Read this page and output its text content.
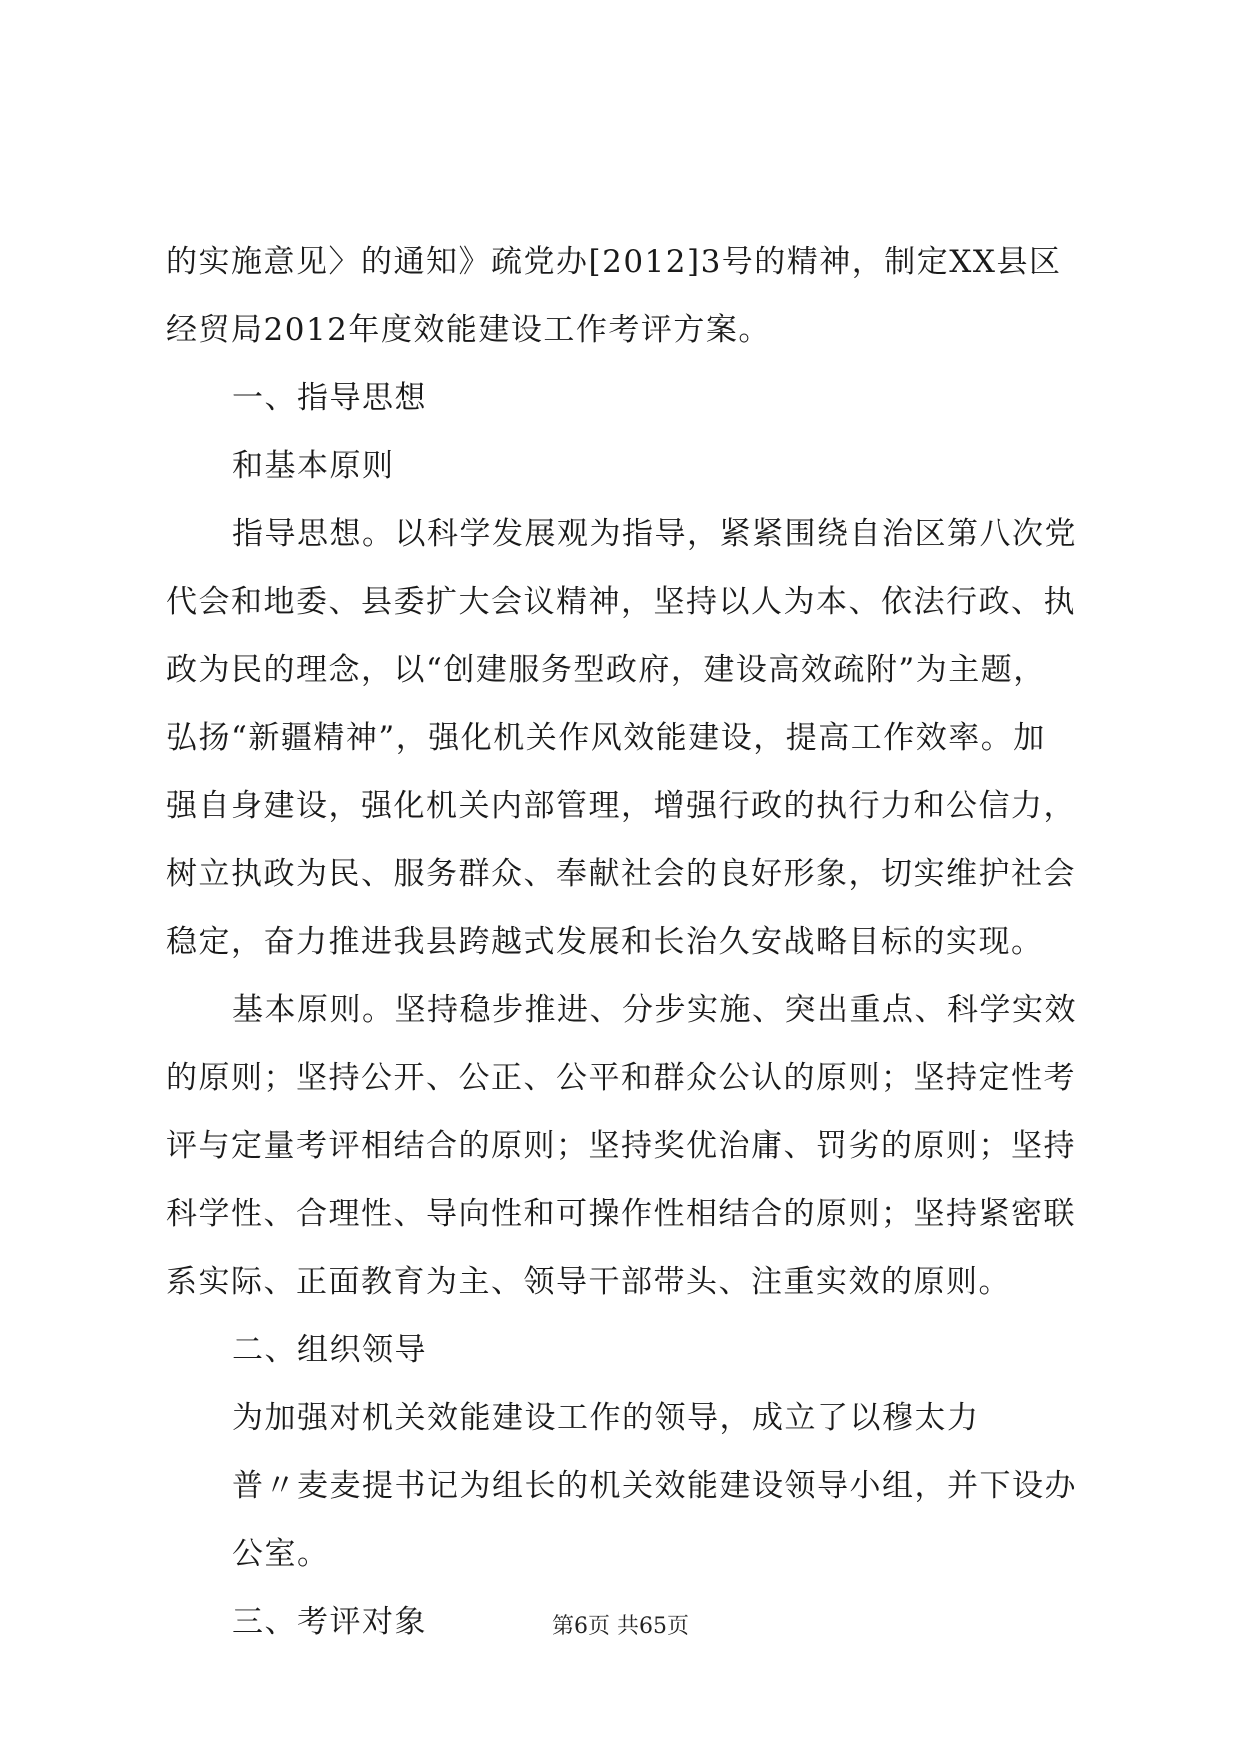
的实施意见〉的通知》疏党办[2012]3号的精神，制定XX县区
经贸局2012年度效能建设工作考评方案。
一、指导思想
和基本原则
指导思想。以科学发展观为指导，紧紧围绕自治区第八次党
代会和地委、县委扩大会议精神，坚持以人为本、依法行政、执
政为民的理念，以“创建服务型政府，建设高效疏附”为主题，
弘扬“新疆精神”，强化机关作风效能建设，提高工作效率。加
强自身建设，强化机关内部管理，增强行政的执行力和公信力，
树立执政为民、服务群众、奉献社会的良好形象，切实维护社会
稳定，奋力推进我县跨越式发展和长治久安战略目标的实现。
基本原则。坚持稳步推进、分步实施、突出重点、科学实效
的原则；坚持公开、公正、公平和群众公认的原则；坚持定性考
评与定量考评相结合的原则；坚持奖优治庸、罚劣的原则；坚持
科学性、合理性、导向性和可操作性相结合的原则；坚持紧密联
系实际、正面教育为主、领导干部带头、注重实效的原则。
二、组织领导
为加强对机关效能建设工作的领导，成立了以穆太力
普〃麦麦提书记为组长的机关效能建设领导小组，并下设办
公室。
三、考评对象	第6页 共65页
